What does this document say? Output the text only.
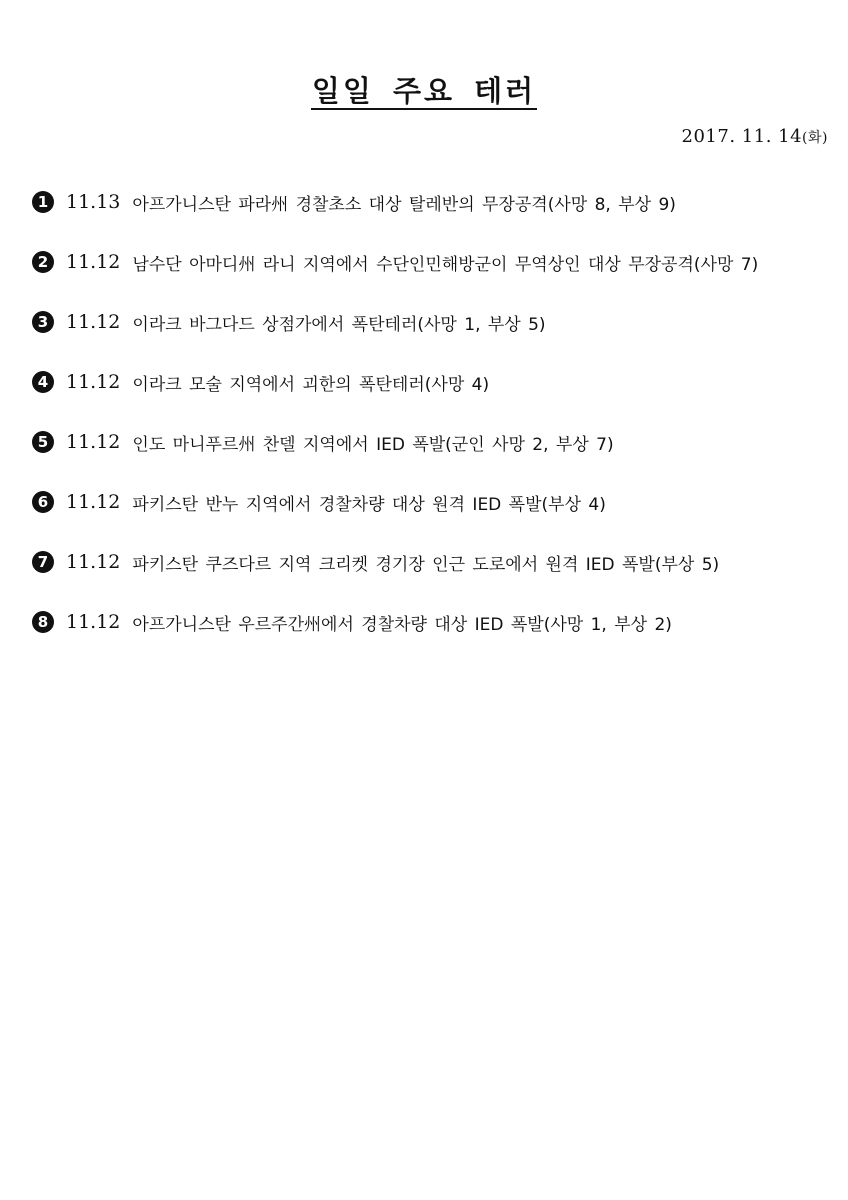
일일 주요 테러
2017. 11. 14(화)
1 11.13 아프가니스탄 파라州 경찰초소 대상 탈레반의 무장공격(사망 8, 부상 9)
2 11.12 남수단 아마디州 라니 지역에서 수단인민해방군이 무역상인 대상 무장공격(사망 7)
3 11.12 이라크 바그다드 상점가에서 폭탄테러(사망 1, 부상 5)
4 11.12 이라크 모술 지역에서 괴한의 폭탄테러(사망 4)
5 11.12 인도 마니푸르州 찬델 지역에서 IED 폭발(군인 사망 2, 부상 7)
6 11.12 파키스탄 반누 지역에서 경찰차량 대상 원격 IED 폭발(부상 4)
7 11.12 파키스탄 쿠즈다르 지역 크리켓 경기장 인근 도로에서 원격 IED 폭발(부상 5)
8 11.12 아프가니스탄 우르주간州에서 경찰차량 대상 IED 폭발(사망 1, 부상 2)
